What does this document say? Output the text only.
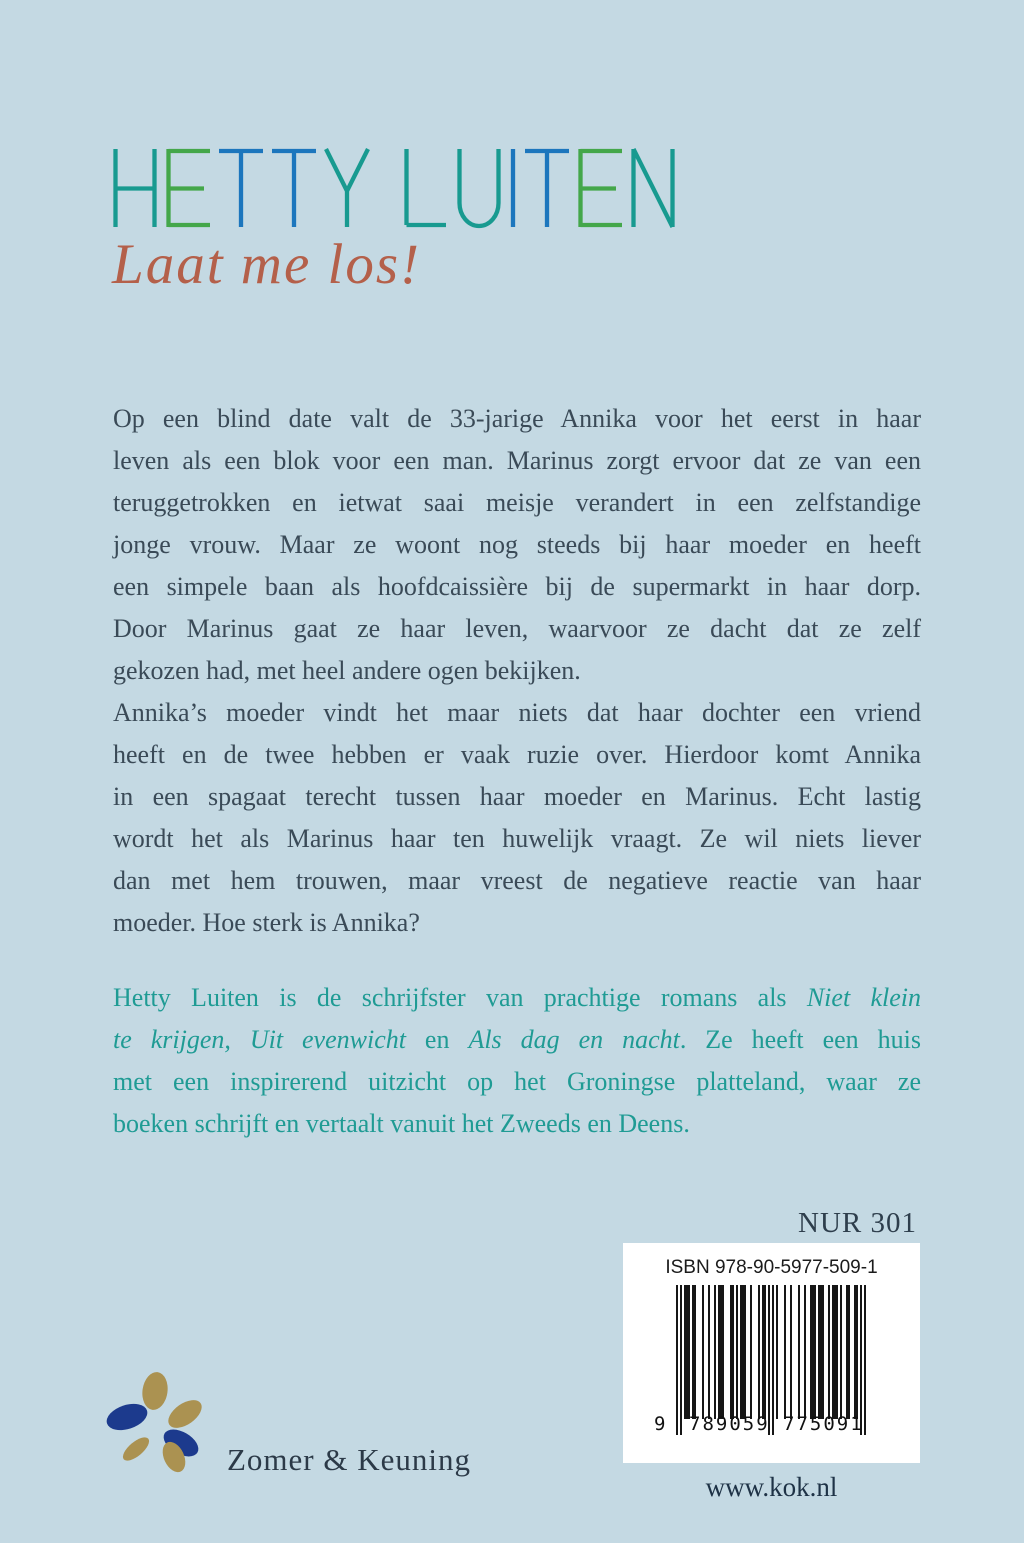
Laat me los!
Op een blind date valt de 33-jarige Annika voor het eerst in haar
leven als een blok voor een man. Marinus zorgt ervoor dat ze van een
teruggetrokken en ietwat saai meisje verandert in een zelfstandige
jonge vrouw. Maar ze woont nog steeds bij haar moeder en heeft
een simpele baan als hoofdcaissière bij de supermarkt in haar dorp.
Door Marinus gaat ze haar leven, waarvoor ze dacht dat ze zelf
gekozen had, met heel andere ogen bekijken.
Annika’s moeder vindt het maar niets dat haar dochter een vriend
heeft en de twee hebben er vaak ruzie over. Hierdoor komt Annika
in een spagaat terecht tussen haar moeder en Marinus. Echt lastig
wordt het als Marinus haar ten huwelijk vraagt. Ze wil niets liever
dan met hem trouwen, maar vreest de negatieve reactie van haar
moeder. Hoe sterk is Annika?
Hetty Luiten is de schrijfster van prachtige romans als Niet klein
te krijgen, Uit evenwicht en Als dag en nacht. Ze heeft een huis
met een inspirerend uitzicht op het Groningse platteland, waar ze
boeken schrijft en vertaalt vanuit het Zweeds en Deens.
NUR 301
ISBN 978-90-5977-509-1
9 789059 775091
Zomer & Keuning
www.kok.nl
